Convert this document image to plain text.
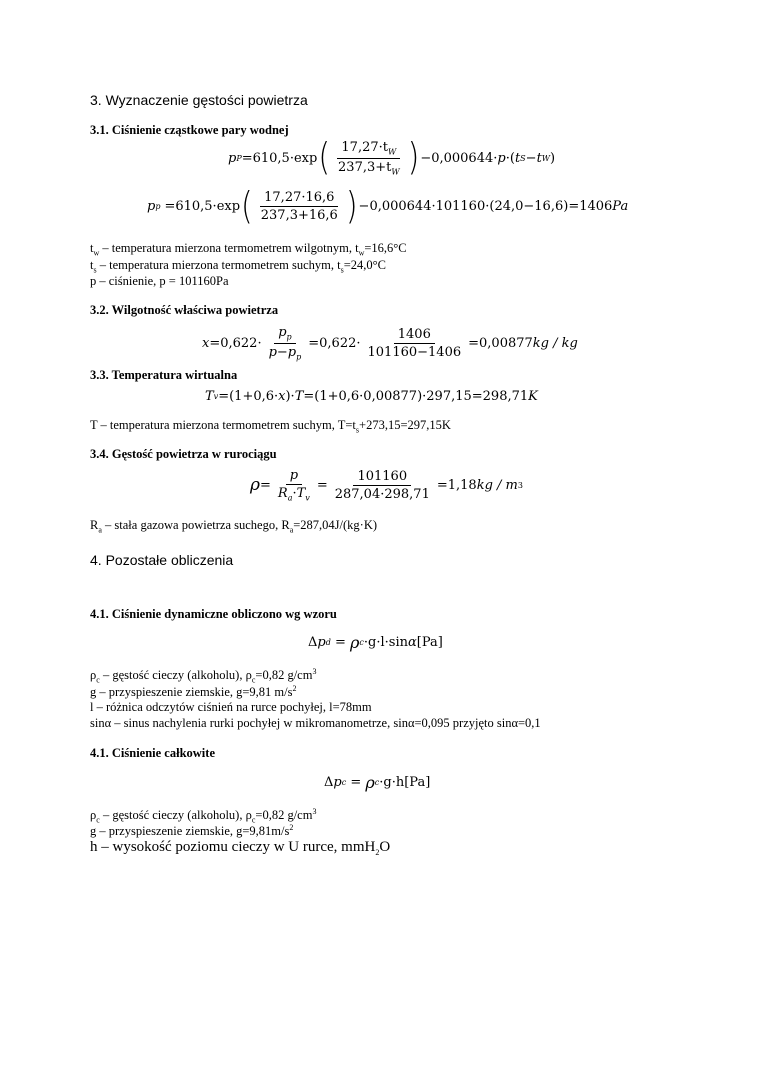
3. Wyznaczenie gęstości powietrza
3.1. Ciśnienie cząstkowe pary wodnej
p P =610,5·exp ( $\frac{17,27\cdot t_W}{237,3+t_W}$ ) −0,000644· p · ( t S − t W )
p p =610,5·exp ( $\frac{17,27\cdot 16,6}{237,3+16,6}$ ) −0,000644·101160· ( 24,0−16,6 ) =1406 Pa
$t_w$ – temperatura mierzona termometrem wilgotnym, $t_w=16,6^\circ C$
$t_s$ – temperatura mierzona termometrem suchym, $t_s=24,0^\circ C$
p – ciśnienie, p = 101160Pa
3.2. Wilgotność właściwa powietrza
$x =0,622\cdot \frac{p_p}{p-p_p} =0,622\cdot \frac{1406}{101160-1406} =0,00877$ kg / kg
3.3. Temperatura wirtualna
T v =(1+0,6· x )· T =(1+0,6·0,00877)·297,15=298,71 K
T – temperatura mierzona termometrem suchym, $T=t_s+273,15=297,15K$
3.4. Gęstość powietrza w rurociągu
$\rho = \frac{p}{R_a\cdot T_v} = \frac{101160}{287,04\cdot 298,71} =1,18$ kg / m 3
$R_a$ – stała gazowa powietrza suchego, $R_a=287,04J/(kg\cdot K)$
4. Pozostałe obliczenia
4.1. Ciśnienie dynamiczne obliczono wg wzoru
Δ p d = ρ c ·g·l·sin α [Pa]
$\rho_c$ – gęstość cieczy (alkoholu), $\rho_c=0,82$ $g/cm^3$
g – przyspieszenie ziemskie, g=9,81 $m/s^2$
l – różnica odczytów ciśnień na rurce pochyłej, l=78mm
sinα – sinus nachylenia rurki pochyłej w mikromanometrze, sinα=0,095 przyjęto sinα=0,1
4.1. Ciśnienie całkowite
Δ p c = ρ c ·g·h [Pa]
$\rho_c$ – gęstość cieczy (alkoholu), $\rho_c=0,82$ $g/cm^3$
g – przyspieszenie ziemskie, $g=9,81m/s^2$
h – wysokość poziomu cieczy w U rurce, mmH$_2$O
